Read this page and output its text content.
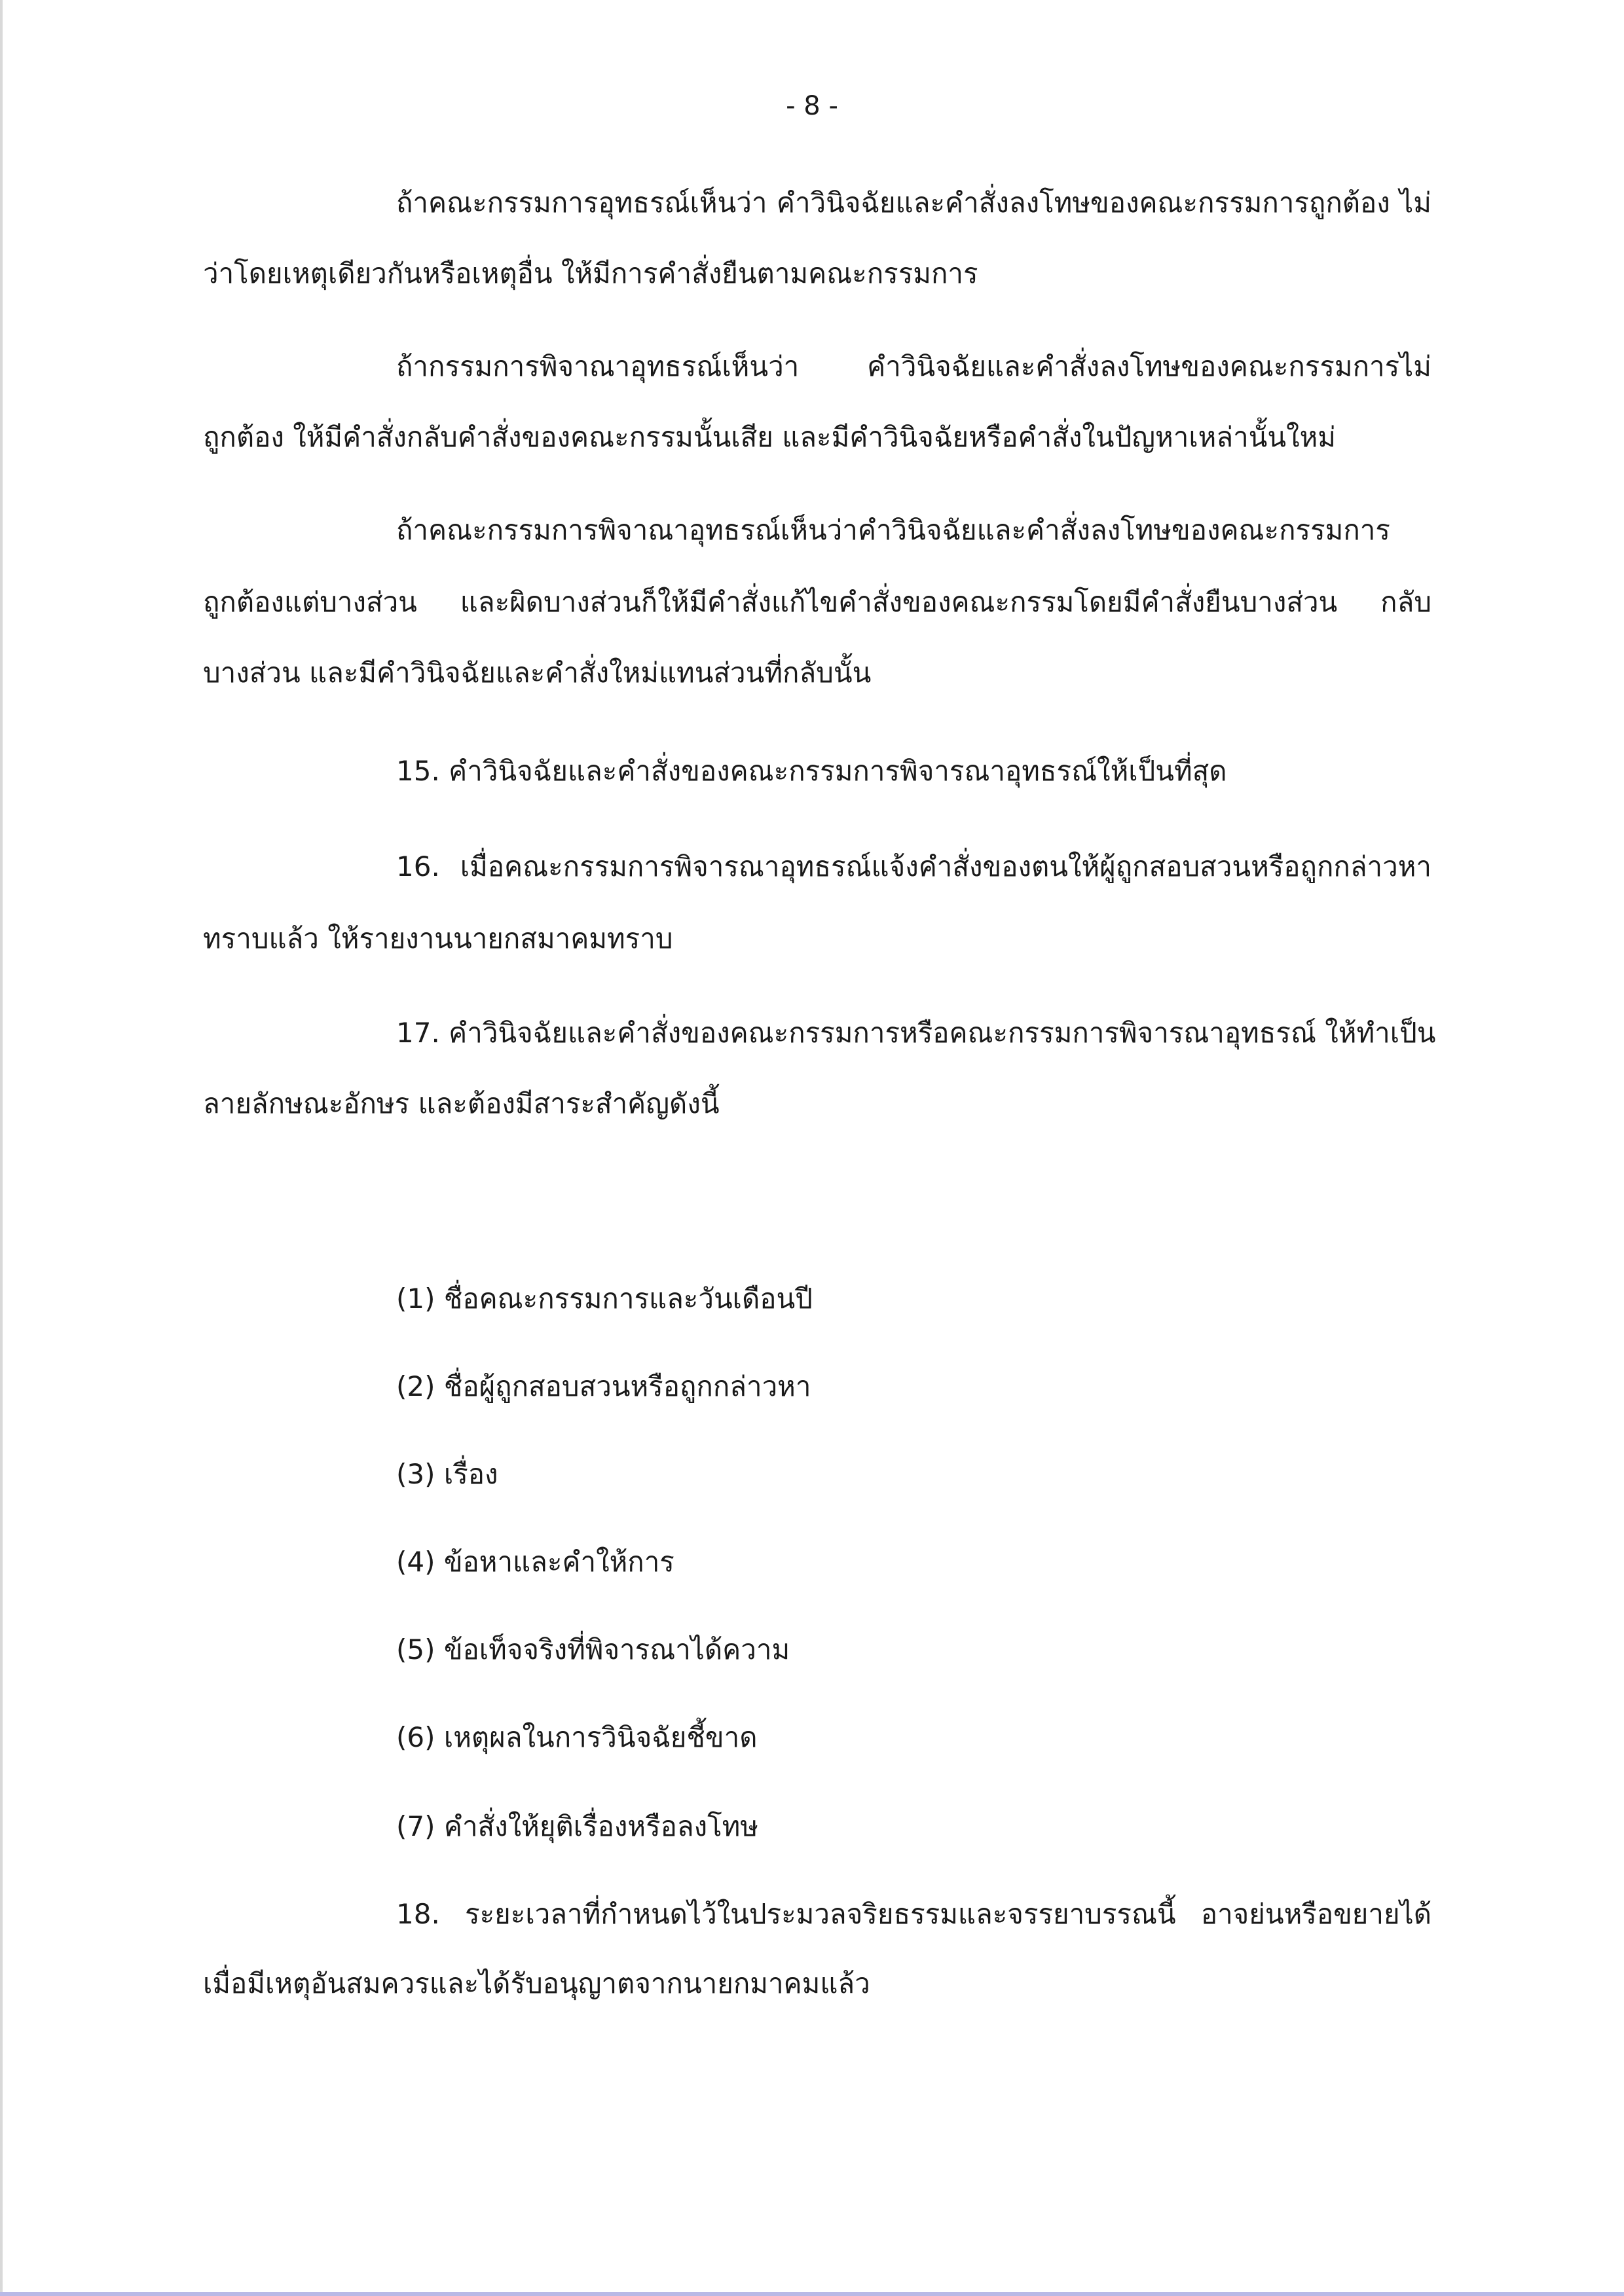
- 8 -
ถ้าคณะกรรมการอุทธรณ์เห็นว่า คำวินิจฉัยและคำสั่งลงโทษของคณะกรรมการถูกต้อง ไม่
ว่าโดยเหตุเดียวกันหรือเหตุอื่น ให้มีการคำสั่งยืนตามคณะกรรมการ
ถ้ากรรมการพิจาณาอุทธรณ์เห็นว่า คำวินิจฉัยและคำสั่งลงโทษของคณะกรรมการไม่
ถูกต้อง ให้มีคำสั่งกลับคำสั่งของคณะกรรมนั้นเสีย และมีคำวินิจฉัยหรือคำสั่งในปัญหาเหล่านั้นใหม่
ถ้าคณะกรรมการพิจาณาอุทธรณ์เห็นว่าคำวินิจฉัยและคำสั่งลงโทษของคณะกรรมการ
ถูกต้องแต่บางส่วน และผิดบางส่วนก็ให้มีคำสั่งแก้ไขคำสั่งของคณะกรรมโดยมีคำสั่งยืนบางส่วน กลับ
บางส่วน และมีคำวินิจฉัยและคำสั่งใหม่แทนส่วนที่กลับนั้น
15. คำวินิจฉัยและคำสั่งของคณะกรรมการพิจารณาอุทธรณ์ให้เป็นที่สุด
16. เมื่อคณะกรรมการพิจารณาอุทธรณ์แจ้งคำสั่งของตนให้ผู้ถูกสอบสวนหรือถูกกล่าวหา
ทราบแล้ว ให้รายงานนายกสมาคมทราบ
17. คำวินิจฉัยและคำสั่งของคณะกรรมการหรือคณะกรรมการพิจารณาอุทธรณ์ ให้ทำเป็น
ลายลักษณะอักษร และต้องมีสาระสำคัญดังนี้
(1) ชื่อคณะกรรมการและวันเดือนปี
(2) ชื่อผู้ถูกสอบสวนหรือถูกกล่าวหา
(3) เรื่อง
(4) ข้อหาและคำให้การ
(5) ข้อเท็จจริงที่พิจารณาได้ความ
(6) เหตุผลในการวินิจฉัยชี้ขาด
(7) คำสั่งให้ยุติเรื่องหรือลงโทษ
18. ระยะเวลาที่กำหนดไว้ในประมวลจริยธรรมและจรรยาบรรณนี้ อาจย่นหรือขยายได้
เมื่อมีเหตุอันสมควรและได้รับอนุญาตจากนายกมาคมแล้ว
